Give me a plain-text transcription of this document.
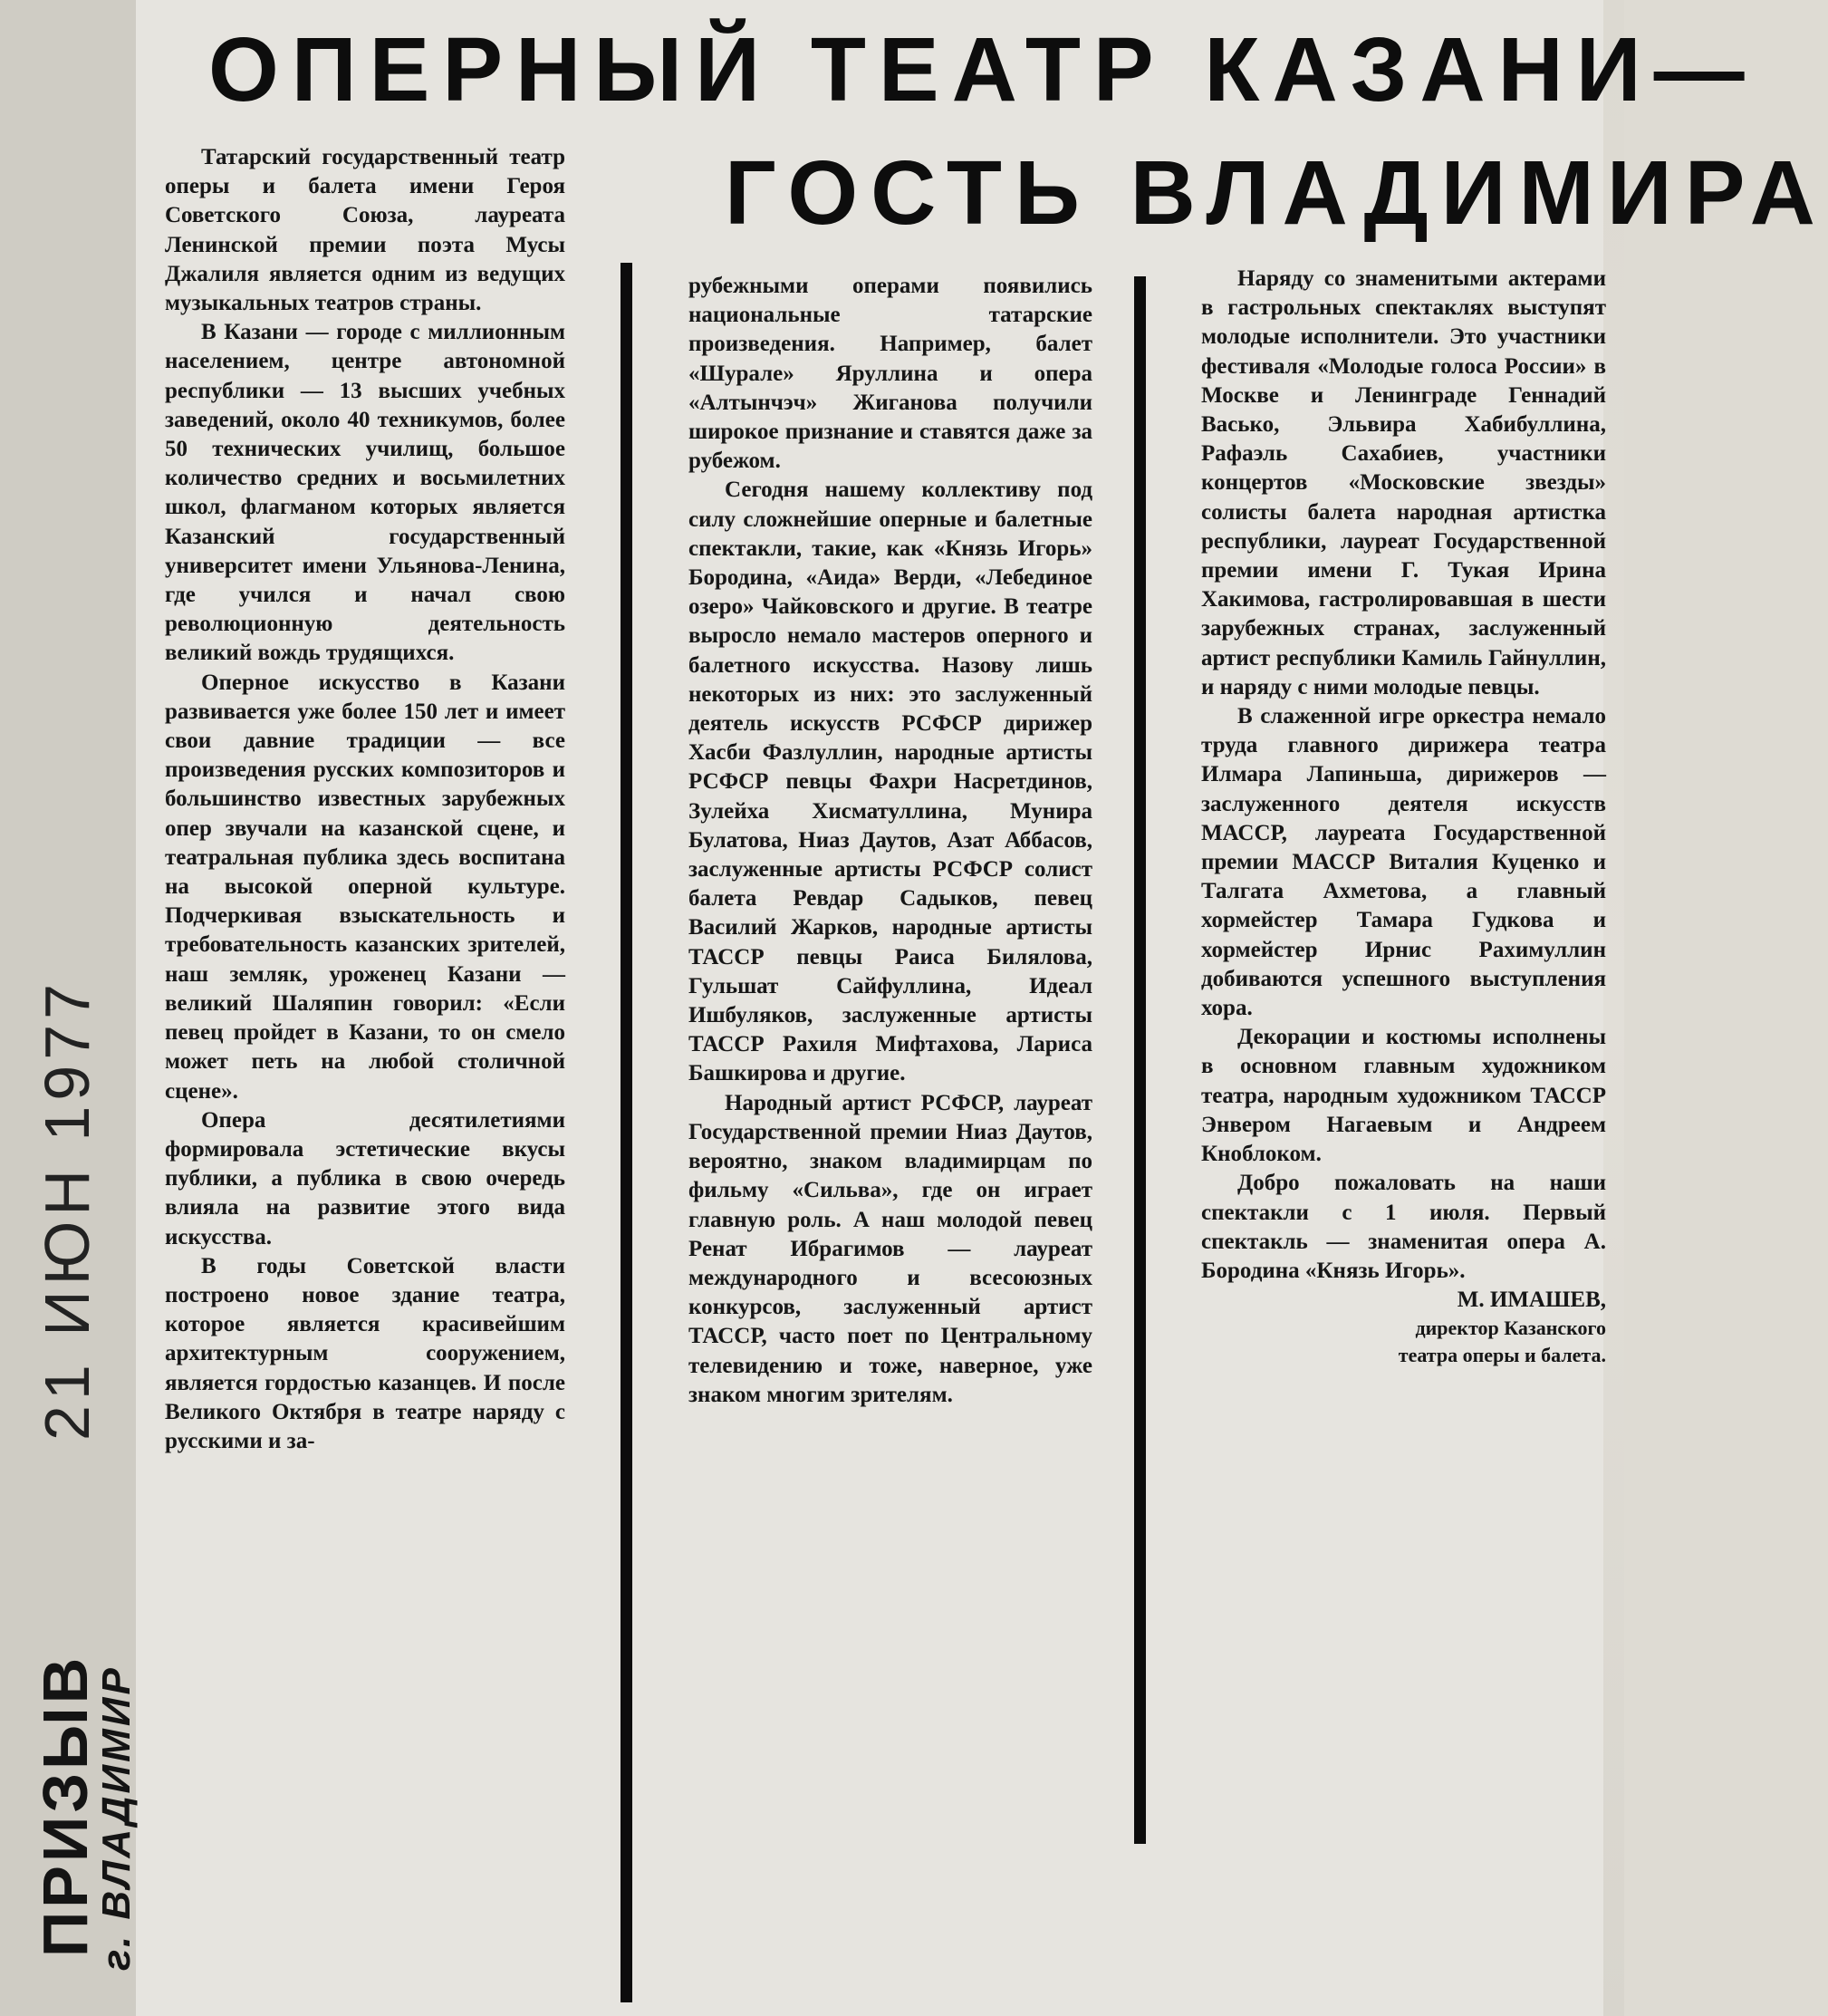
ОПЕРНЫЙ ТЕАТР КАЗАНИ—
ГОСТЬ ВЛАДИМИРА

Татарский государственный театр оперы и балета имени Героя Советского Союза, лауреата Ленинской премии поэта Мусы Джалиля является одним из ведущих музыкальных театров страны.

В Казани — городе с миллионным населением, центре автономной республики — 13 высших учебных заведений, около 40 техникумов, более 50 технических училищ, большое количество средних и восьмилетних школ, флагманом которых является Казанский государственный университет имени Ульянова-Ленина, где учился и начал свою революционную деятельность великий вождь трудящихся.

Оперное искусство в Казани развивается уже более 150 лет и имеет свои давние традиции — все произведения русских композиторов и большинство известных зарубежных опер звучали на казанской сцене, и театральная публика здесь воспитана на высокой оперной культуре. Подчеркивая взыскательность и требовательность казанских зрителей, наш земляк, уроженец Казани — великий Шаляпин говорил: «Если певец пройдет в Казани, то он смело может петь на любой столичной сцене».

Опера десятилетиями формировала эстетические вкусы публики, а публика в свою очередь влияла на развитие этого вида искусства.

В годы Советской власти построено новое здание театра, которое является красивейшим архитектурным сооружением, является гордостью казанцев. И после Великого Октября в театре наряду с русскими и за-

рубежными операми появились национальные татарские произведения. Например, балет «Шурале» Яруллина и опера «Алтынчэч» Жиганова получили широкое признание и ставятся даже за рубежом.

Сегодня нашему коллективу под силу сложнейшие оперные и балетные спектакли, такие, как «Князь Игорь» Бородина, «Аида» Верди, «Лебединое озеро» Чайковского и другие. В театре выросло немало мастеров оперного и балетного искусства. Назову лишь некоторых из них: это заслуженный деятель искусств РСФСР дирижер Хасби Фазлуллин, народные артисты РСФСР певцы Фахри Насретдинов, Зулейха Хисматуллина, Мунира Булатова, Ниаз Даутов, Азат Аббасов, заслуженные артисты РСФСР солист балета Ревдар Садыков, певец Василий Жарков, народные артисты ТАССР певцы Раиса Билялова, Гульшат Сайфуллина, Идеал Ишбуляков, заслуженные артисты ТАССР Рахиля Мифтахова, Лариса Башкирова и другие.

Народный артист РСФСР, лауреат Государственной премии Ниаз Даутов, вероятно, знаком владимирцам по фильму «Сильва», где он играет главную роль. А наш молодой певец Ренат Ибрагимов — лауреат международного и всесоюзных конкурсов, заслуженный артист ТАССР, часто поет по Центральному телевидению и тоже, наверное, уже знаком многим зрителям.

Наряду со знаменитыми актерами в гастрольных спектаклях выступят молодые исполнители. Это участники фестиваля «Молодые голоса России» в Москве и Ленинграде Геннадий Васько, Эльвира Хабибуллина, Рафаэль Сахабиев, участники концертов «Московские звезды» солисты балета народная артистка республики, лауреат Государственной премии имени Г. Тукая Ирина Хакимова, гастролировавшая в шести зарубежных странах, заслуженный артист республики Камиль Гайнуллин, и наряду с ними молодые певцы.

В слаженной игре оркестра немало труда главного дирижера театра Илмара Лапиньша, дирижеров — заслуженного деятеля искусств МАССР, лауреата Государственной премии МАССР Виталия Куценко и Талгата Ахметова, а главный хормейстер Тамара Гудкова и хормейстер Ирнис Рахимуллин добиваются успешного выступления хора.

Декорации и костюмы исполнены в основном главным художником театра, народным художником ТАССР Энвером Нагаевым и Андреем Кноблоком.

Добро пожаловать на наши спектакли с 1 июля. Первый спектакль — знаменитая опера А. Бородина «Князь Игорь».

М. ИМАШЕВ,

директор Казанского

театра оперы и балета.

21 ИЮН 1977
ПРИЗЫВ
г. ВЛАДИМИР
